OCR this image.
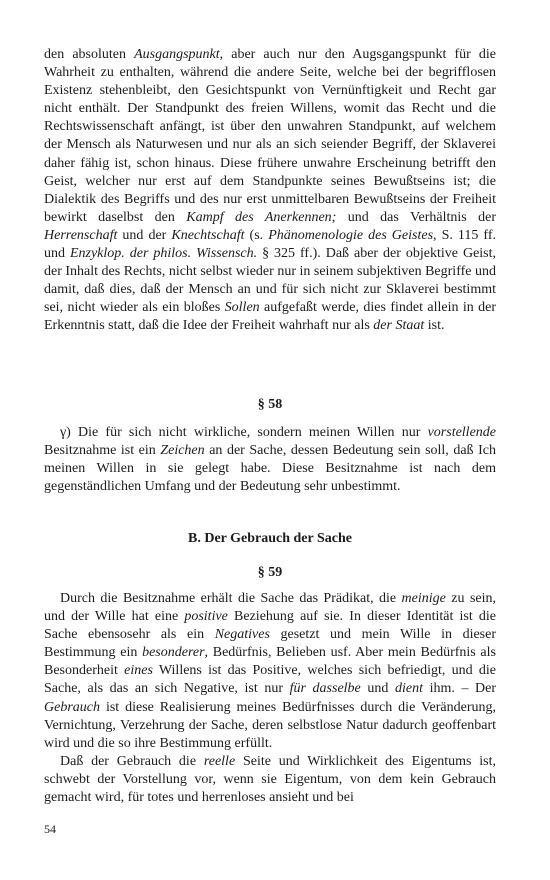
den absoluten Ausgangspunkt, aber auch nur den Augsgangspunkt für die Wahrheit zu enthalten, während die andere Seite, welche bei der begrifflosen Existenz stehenbleibt, den Gesichtspunkt von Vernünftigkeit und Recht gar nicht enthält. Der Standpunkt des freien Willens, womit das Recht und die Rechtswissenschaft anfängt, ist über den unwahren Standpunkt, auf welchem der Mensch als Naturwesen und nur als an sich seiender Begriff, der Sklaverei daher fähig ist, schon hinaus. Diese frühere unwahre Erscheinung betrifft den Geist, welcher nur erst auf dem Standpunkte seines Bewußtseins ist; die Dialektik des Begriffs und des nur erst unmittelbaren Bewußtseins der Freiheit bewirkt daselbst den Kampf des Anerkennen; und das Verhältnis der Herrenschaft und der Knechtschaft (s. Phänomenologie des Geistes, S. 115 ff. und Enzyklop. der philos. Wissensch. § 325 ff.). Daß aber der objektive Geist, der Inhalt des Rechts, nicht selbst wieder nur in seinem subjektiven Begriffe und damit, daß dies, daß der Mensch an und für sich nicht zur Sklaverei bestimmt sei, nicht wieder als ein bloßes Sollen aufgefaßt werde, dies findet allein in der Erkenntnis statt, daß die Idee der Freiheit wahrhaft nur als der Staat ist.

§ 58

γ) Die für sich nicht wirkliche, sondern meinen Willen nur vorstellende Besitznahme ist ein Zeichen an der Sache, dessen Bedeutung sein soll, daß Ich meinen Willen in sie gelegt habe. Diese Besitznahme ist nach dem gegenständlichen Umfang und der Bedeutung sehr unbestimmt.

B. Der Gebrauch der Sache
§ 59

Durch die Besitznahme erhält die Sache das Prädikat, die meinige zu sein, und der Wille hat eine positive Beziehung auf sie. In dieser Identität ist die Sache ebensosehr als ein Negatives gesetzt und mein Wille in dieser Bestimmung ein besonderer, Bedürfnis, Belieben usf. Aber mein Bedürfnis als Besonderheit eines Willens ist das Positive, welches sich befriedigt, und die Sache, als das an sich Negative, ist nur für dasselbe und dient ihm. – Der Gebrauch ist diese Realisierung meines Bedürfnisses durch die Veränderung, Vernichtung, Verzehrung der Sache, deren selbstlose Natur dadurch geoffenbart wird und die so ihre Bestimmung erfüllt.

Daß der Gebrauch die reelle Seite und Wirklichkeit des Eigentums ist, schwebt der Vorstellung vor, wenn sie Eigentum, von dem kein Gebrauch gemacht wird, für totes und herrenloses ansieht und bei

54
